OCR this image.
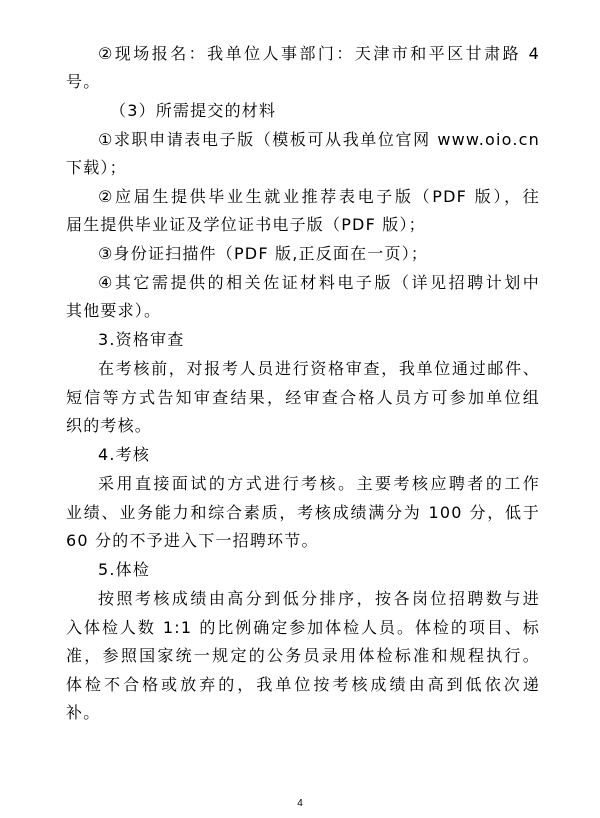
②现场报名：我单位人事部门：天津市和平区甘肃路 4
号。
（3）所需提交的材料
①求职申请表电子版（模板可从我单位官网 www.oio.cn
下载）；
②应届生提供毕业生就业推荐表电子版（PDF 版），往
届生提供毕业证及学位证书电子版（PDF 版）；
③身份证扫描件（PDF 版,正反面在一页）；
④其它需提供的相关佐证材料电子版（详见招聘计划中
其他要求）。
3.资格审查
在考核前，对报考人员进行资格审查，我单位通过邮件、
短信等方式告知审查结果，经审查合格人员方可参加单位组
织的考核。
4.考核
采用直接面试的方式进行考核。主要考核应聘者的工作
业绩、业务能力和综合素质，考核成绩满分为 100 分，低于
60 分的不予进入下一招聘环节。
5.体检
按照考核成绩由高分到低分排序，按各岗位招聘数与进
入体检人数 1:1 的比例确定参加体检人员。体检的项目、标
准，参照国家统一规定的公务员录用体检标准和规程执行。
体检不合格或放弃的，我单位按考核成绩由高到低依次递
补。
4
